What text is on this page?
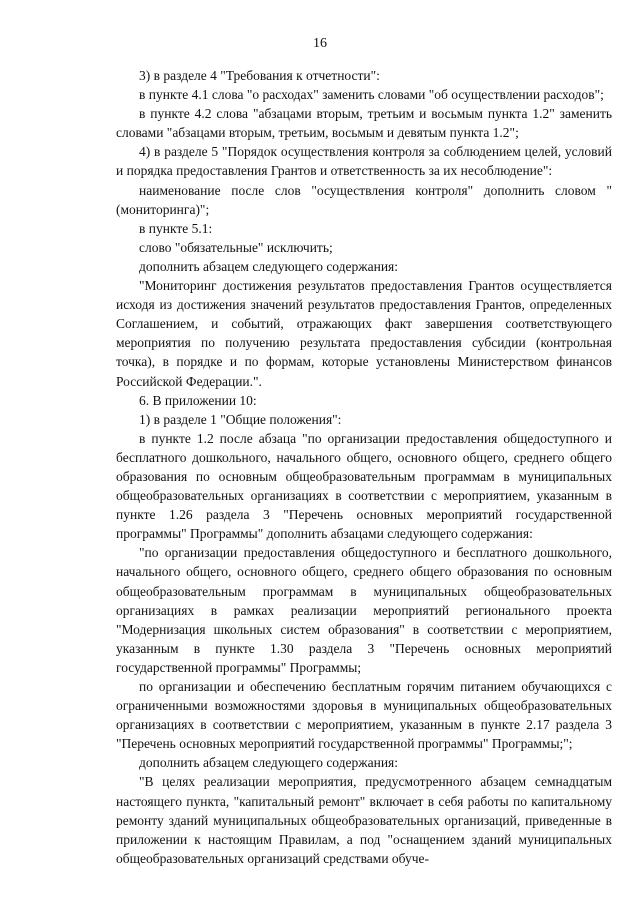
16

3) в разделе 4 "Требования к отчетности":

в пункте 4.1 слова "о расходах" заменить словами "об осуществлении расходов";

в пункте 4.2 слова "абзацами вторым, третьим и восьмым пункта 1.2" заменить словами "абзацами вторым, третьим, восьмым и девятым пункта 1.2";

4) в разделе 5 "Порядок осуществления контроля за соблюдением целей, условий и порядка предоставления Грантов и ответственность за их несоблюдение":

наименование после слов "осуществления контроля" дополнить словом "(мониторинга)";

в пункте 5.1:

слово "обязательные" исключить;

дополнить абзацем следующего содержания:

"Мониторинг достижения результатов предоставления Грантов осуществляется исходя из достижения значений результатов предоставления Грантов, определенных Соглашением, и событий, отражающих факт завершения соответствующего мероприятия по получению результата предоставления субсидии (контрольная точка), в порядке и по формам, которые установлены Министерством финансов Российской Федерации.".

6. В приложении 10:

1) в разделе 1 "Общие положения":

в пункте 1.2 после абзаца "по организации предоставления общедоступного и бесплатного дошкольного, начального общего, основного общего, среднего общего образования по основным общеобразовательным программам в муниципальных общеобразовательных организациях в соответствии с мероприятием, указанным в пункте 1.26 раздела 3 "Перечень основных мероприятий государственной программы" Программы" дополнить абзацами следующего содержания:

"по организации предоставления общедоступного и бесплатного дошкольного, начального общего, основного общего, среднего общего образования по основным общеобразовательным программам в муниципальных общеобразовательных организациях в рамках реализации мероприятий регионального проекта "Модернизация школьных систем образования" в соответствии с мероприятием, указанным в пункте 1.30 раздела 3 "Перечень основных мероприятий государственной программы" Программы;

по организации и обеспечению бесплатным горячим питанием обучающихся с ограниченными возможностями здоровья в муниципальных общеобразовательных организациях в соответствии с мероприятием, указанным в пункте 2.17 раздела 3 "Перечень основных мероприятий государственной программы" Программы;";

дополнить абзацем следующего содержания:

"В целях реализации мероприятия, предусмотренного абзацем семнадцатым настоящего пункта, "капитальный ремонт" включает в себя работы по капитальному ремонту зданий муниципальных общеобразовательных организаций, приведенные в приложении к настоящим Правилам, а под "оснащением зданий муниципальных общеобразовательных организаций средствами обуче-
